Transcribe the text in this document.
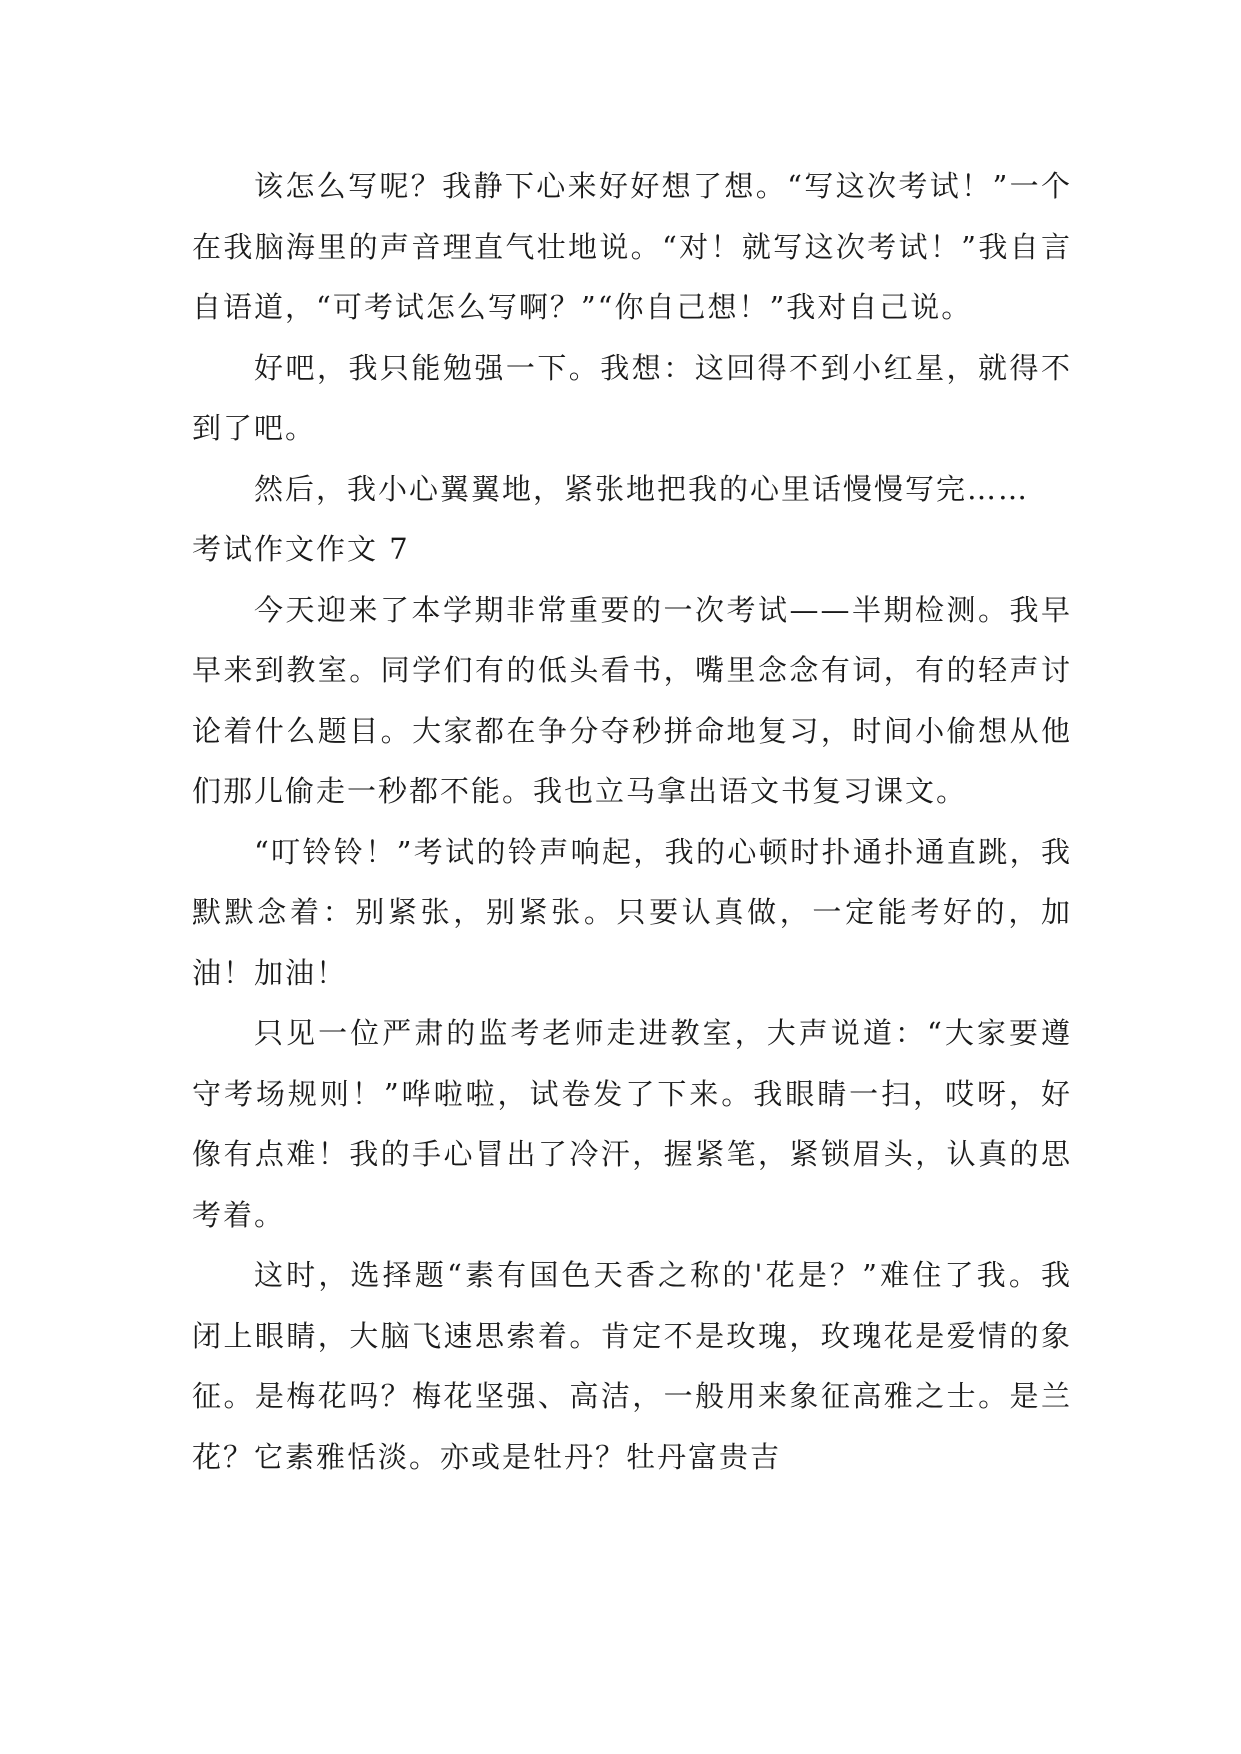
该怎么写呢？我静下心来好好想了想。“写这次考试！”一个在我脑海里的声音理直气壮地说。“对！就写这次考试！”我自言自语道，“可考试怎么写啊？”“你自己想！”我对自己说。

好吧，我只能勉强一下。我想：这回得不到小红星，就得不到了吧。

然后，我小心翼翼地，紧张地把我的心里话慢慢写完……

考试作文作文 7

今天迎来了本学期非常重要的一次考试——半期检测。我早早来到教室。同学们有的低头看书，嘴里念念有词，有的轻声讨论着什么题目。大家都在争分夺秒拼命地复习，时间小偷想从他们那儿偷走一秒都不能。我也立马拿出语文书复习课文。

“叮铃铃！”考试的铃声响起，我的心顿时扑通扑通直跳，我默默念着：别紧张，别紧张。只要认真做，一定能考好的，加油！加油！

只见一位严肃的监考老师走进教室，大声说道：“大家要遵守考场规则！”哗啦啦，试卷发了下来。我眼睛一扫，哎呀，好像有点难！我的手心冒出了冷汗，握紧笔，紧锁眉头，认真的思考着。

这时，选择题“素有国色天香之称的'花是？”难住了我。我闭上眼睛，大脑飞速思索着。肯定不是玫瑰，玫瑰花是爱情的象征。是梅花吗？梅花坚强、高洁，一般用来象征高雅之士。是兰花？它素雅恬淡。亦或是牡丹？牡丹富贵吉
